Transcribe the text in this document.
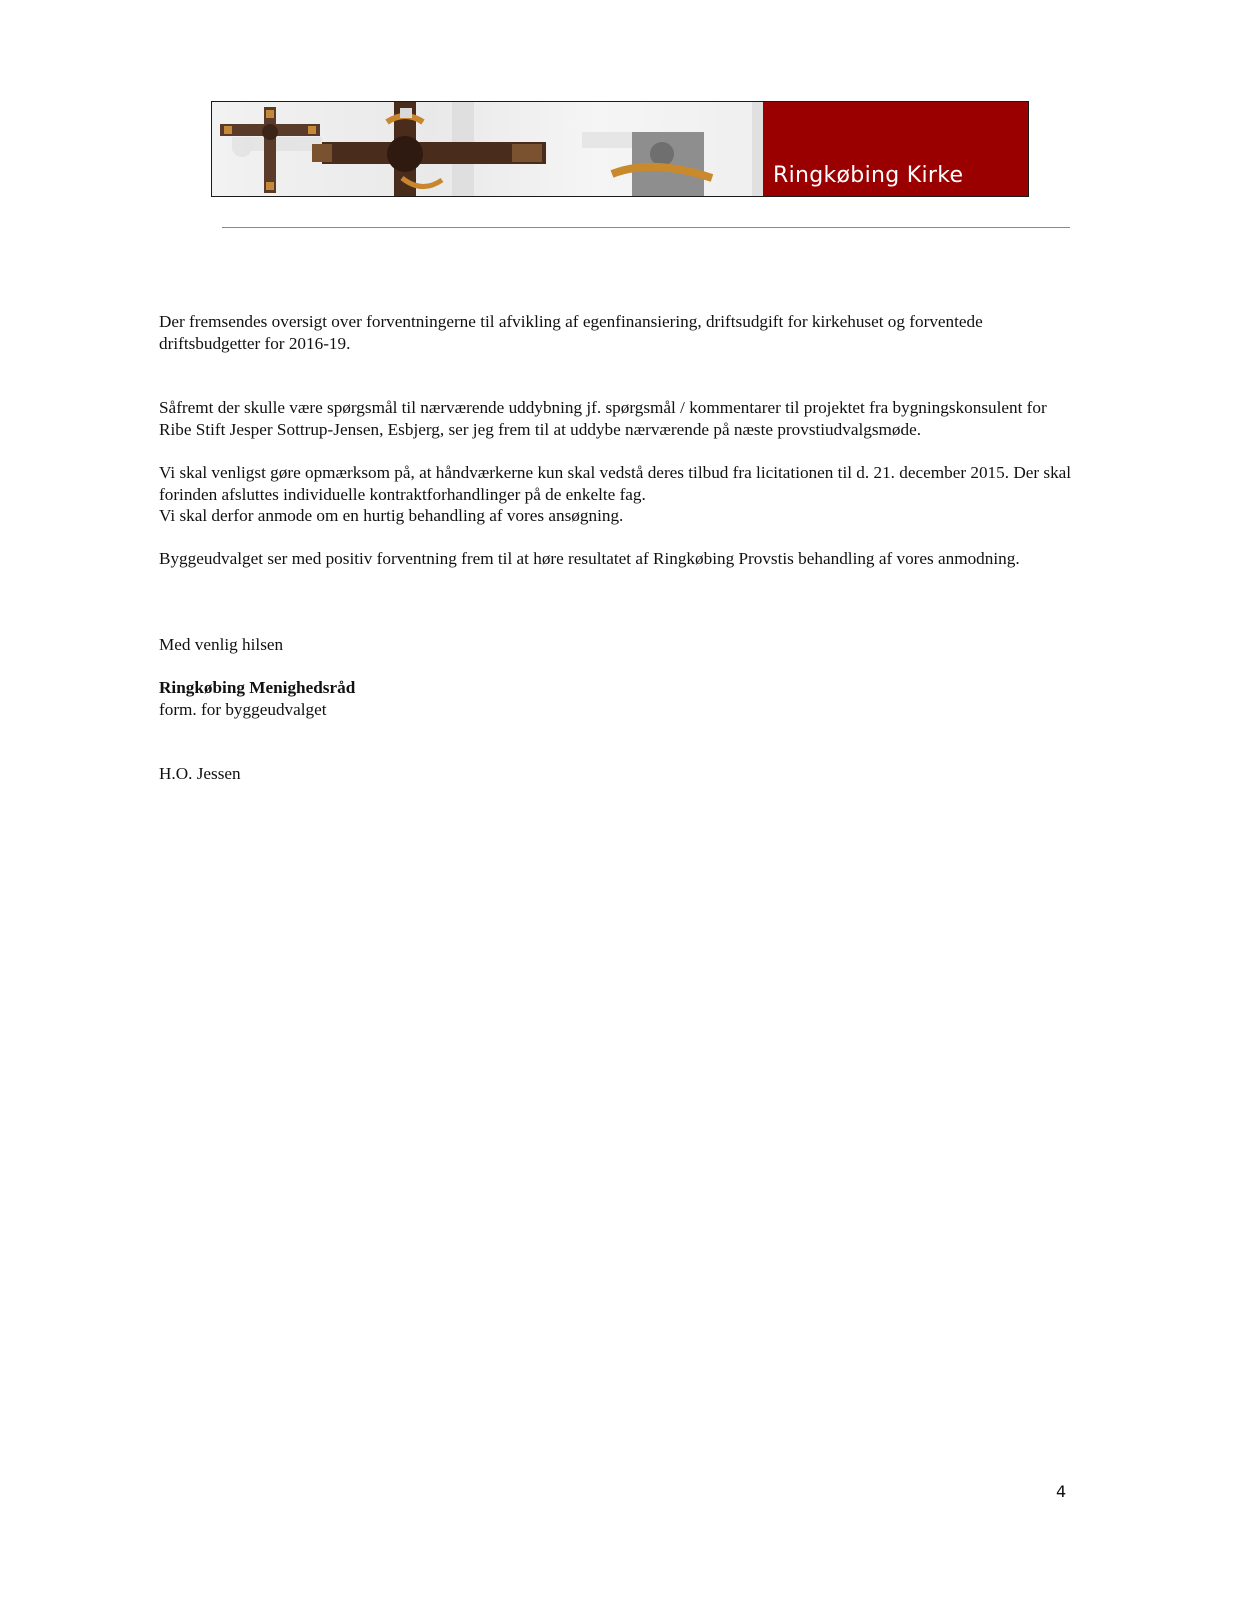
Ringkøbing Kirke

Der fremsendes oversigt over forventningerne til afvikling af egenfinansiering, driftsudgift for kirkehuset og forventede driftsbudgetter for 2016-19.

Såfremt der skulle være spørgsmål til nærværende uddybning jf. spørgsmål / kommentarer til projektet fra bygningskonsulent for Ribe Stift Jesper Sottrup-Jensen, Esbjerg, ser jeg frem til at uddybe nærværende på næste provstiudvalgsmøde.

Vi skal venligst gøre opmærksom på, at håndværkerne kun skal vedstå deres tilbud fra licitationen til d. 21. december 2015. Der skal forinden afsluttes individuelle kontraktforhandlinger på de enkelte fag.

Vi skal derfor anmode om en hurtig behandling af vores ansøgning.

Byggeudvalget ser med positiv forventning frem til at høre resultatet af Ringkøbing Provstis behandling af vores anmodning.

Med venlig hilsen

Ringkøbing Menighedsråd

form. for byggeudvalget

H.O. Jessen

4
